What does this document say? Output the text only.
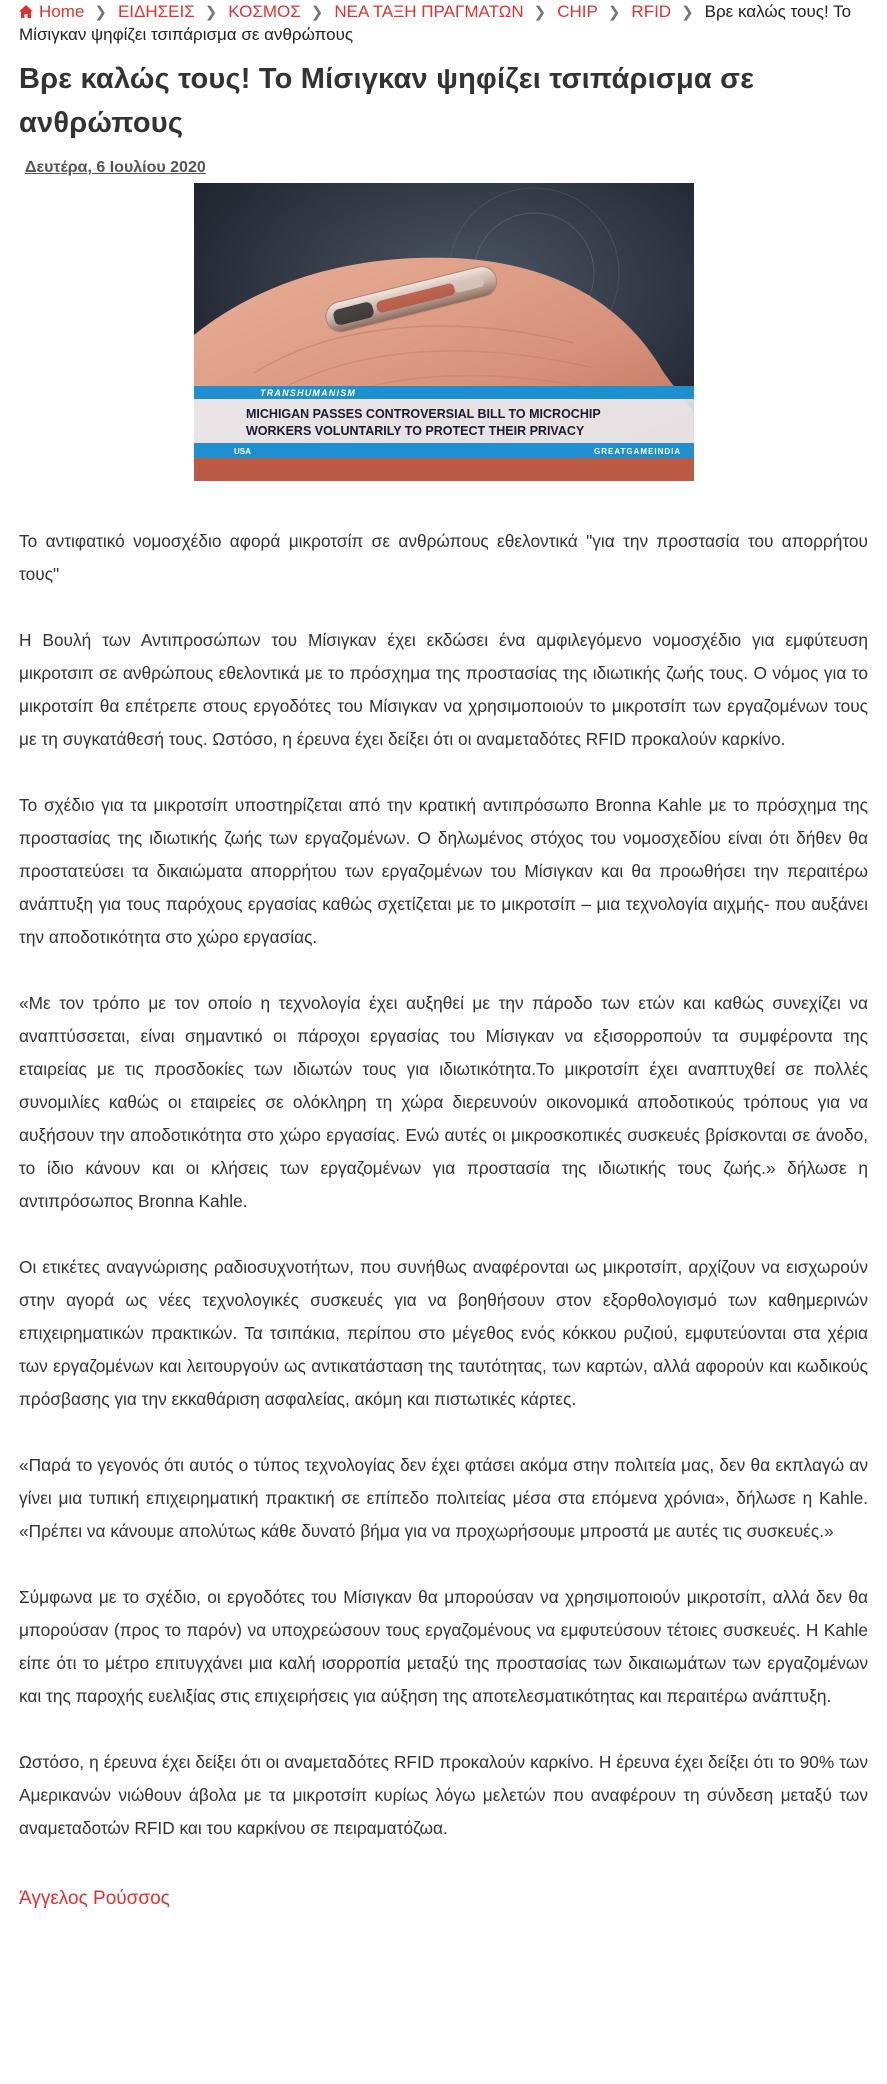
Home ❯ ΕΙΔΗΣΕΙΣ ❯ ΚΟΣΜΟΣ ❯ ΝΕΑ ΤΑΞΗ ΠΡΑΓΜΑΤΩΝ ❯ CHIP ❯ RFID ❯ Βρε καλώς τους! Το Μίσιγκαν ψηφίζει τσιπάρισμα σε ανθρώπους
Βρε καλώς τους! Το Μίσιγκαν ψηφίζει τσιπάρισμα σε ανθρώπους
Δευτέρα, 6 Ιουλίου 2020
TRANSHUMANISM
MICHIGAN PASSES CONTROVERSIAL BILL TO MICROCHIP
WORKERS VOLUNTARILY TO PROTECT THEIR PRIVACY
USA	GREATGAMEINDIA

Το αντιφατικό νομοσχέδιο αφορά μικροτσίπ σε ανθρώπους εθελοντικά "για την προστασία του απορρήτου τους"

Η Βουλή των Αντιπροσώπων του Μίσιγκαν έχει εκδώσει ένα αμφιλεγόμενο νομοσχέδιο για εμφύτευση μικροτσιπ σε ανθρώπους εθελοντικά με το πρόσχημα της προστασίας της ιδιωτικής ζωής τους. Ο νόμος για το μικροτσίπ θα επέτρεπε στους εργοδότες του Μίσιγκαν να χρησιμοποιούν το μικροτσίπ των εργαζομένων τους με τη συγκατάθεσή τους. Ωστόσο, η έρευνα έχει δείξει ότι οι αναμεταδότες RFID προκαλούν καρκίνο.

Το σχέδιο για τα μικροτσίπ υποστηρίζεται από την κρατική αντιπρόσωπο Bronna Kahle με το πρόσχημα της προστασίας της ιδιωτικής ζωής των εργαζομένων. Ο δηλωμένος στόχος του νομοσχεδίου είναι ότι δήθεν θα προστατεύσει τα δικαιώματα απορρήτου των εργαζομένων του Μίσιγκαν και θα προωθήσει την περαιτέρω ανάπτυξη για τους παρόχους εργασίας καθώς σχετίζεται με το μικροτσίπ – μια τεχνολογία αιχμής- που αυξάνει την αποδοτικότητα στο χώρο εργασίας.

«Με τον τρόπο με τον οποίο η τεχνολογία έχει αυξηθεί με την πάροδο των ετών και καθώς συνεχίζει να αναπτύσσεται, είναι σημαντικό οι πάροχοι εργασίας του Μίσιγκαν να εξισορροπούν τα συμφέροντα της εταιρείας με τις προσδοκίες των ιδιωτών τους για ιδιωτικότητα.Το μικροτσίπ έχει αναπτυχθεί σε πολλές συνομιλίες καθώς οι εταιρείες σε ολόκληρη τη χώρα διερευνούν οικονομικά αποδοτικούς τρόπους για να αυξήσουν την αποδοτικότητα στο χώρο εργασίας. Ενώ αυτές οι μικροσκοπικές συσκευές βρίσκονται σε άνοδο, το ίδιο κάνουν και οι κλήσεις των εργαζομένων για προστασία της ιδιωτικής τους ζωής.» δήλωσε η αντιπρόσωπος Bronna Kahle.

Οι ετικέτες αναγνώρισης ραδιοσυχνοτήτων, που συνήθως αναφέρονται ως μικροτσίπ, αρχίζουν να εισχωρούν στην αγορά ως νέες τεχνολογικές συσκευές για να βοηθήσουν στον εξορθολογισμό των καθημερινών επιχειρηματικών πρακτικών. Τα τσιπάκια, περίπου στο μέγεθος ενός κόκκου ρυζιού, εμφυτεύονται στα χέρια των εργαζομένων και λειτουργούν ως αντικατάσταση της ταυτότητας, των καρτών, αλλά αφορούν και κωδικούς πρόσβασης για την εκκαθάριση ασφαλείας, ακόμη και πιστωτικές κάρτες.

«Παρά το γεγονός ότι αυτός ο τύπος τεχνολογίας δεν έχει φτάσει ακόμα στην πολιτεία μας, δεν θα εκπλαγώ αν γίνει μια τυπική επιχειρηματική πρακτική σε επίπεδο πολιτείας μέσα στα επόμενα χρόνια», δήλωσε η Kahle. «Πρέπει να κάνουμε απολύτως κάθε δυνατό βήμα για να προχωρήσουμε μπροστά με αυτές τις συσκευές.»

Σύμφωνα με το σχέδιο, οι εργοδότες του Μίσιγκαν θα μπορούσαν να χρησιμοποιούν μικροτσίπ, αλλά δεν θα μπορούσαν (προς το παρόν) να υποχρεώσουν τους εργαζομένους να εμφυτεύσουν τέτοιες συσκευές. Η Kahle είπε ότι το μέτρο επιτυγχάνει μια καλή ισορροπία μεταξύ της προστασίας των δικαιωμάτων των εργαζομένων και της παροχής ευελιξίας στις επιχειρήσεις για αύξηση της αποτελεσματικότητας και περαιτέρω ανάπτυξη.

Ωστόσο, η έρευνα έχει δείξει ότι οι αναμεταδότες RFID προκαλούν καρκίνο. Η έρευνα έχει δείξει ότι το 90% των Αμερικανών νιώθουν άβολα με τα μικροτσίπ κυρίως λόγω μελετών που αναφέρουν τη σύνδεση μεταξύ των αναμεταδοτών RFID και του καρκίνου σε πειραματόζωα.

Άγγελος Ρούσσος
